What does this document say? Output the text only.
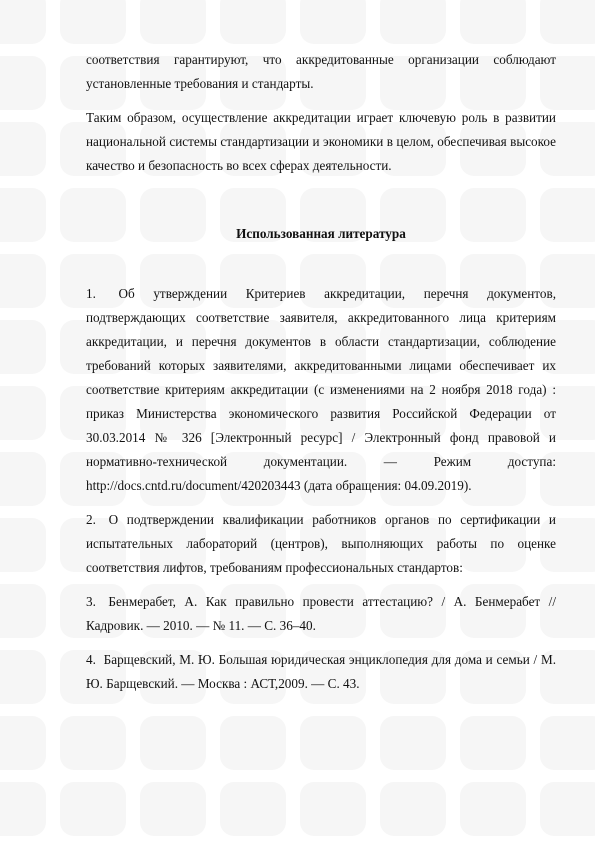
соответствия гарантируют, что аккредитованные организации соблюдают установленные требования и стандарты.

Таким образом, осуществление аккредитации играет ключевую роль в развитии национальной системы стандартизации и экономики в целом, обеспечивая высокое качество и безопасность во всех сферах деятельности.

Использованная литература

1. Об утверждении Критериев аккредитации, перечня документов, подтверждающих соответствие заявителя, аккредитованного лица критериям аккредитации, и перечня документов в области стандартизации, соблюдение требований которых заявителями, аккредитованными лицами обеспечивает их соответствие критериям аккредитации (с изменениями на 2 ноября 2018 года) : приказ Министерства экономического развития Российской Федерации от 30.03.2014 № 326 [Электронный ресурс] / Электронный фонд правовой и нормативно-технической документации. — Режим доступа: http://docs.cntd.ru/document/420203443 (дата обращения: 04.09.2019).

2. О подтверждении квалификации работников органов по сертификации и испытательных лабораторий (центров), выполняющих работы по оценке соответствия лифтов, требованиям профессиональных стандартов:

3. Бенмерабет, А. Как правильно провести аттестацию? / А. Бенмерабет // Кадровик. — 2010. — № 11. — С. 36–40.

4. Барщевский, М. Ю. Большая юридическая энциклопедия для дома и семьи / М. Ю. Барщевский. — Москва : АСТ,2009. — С. 43.
